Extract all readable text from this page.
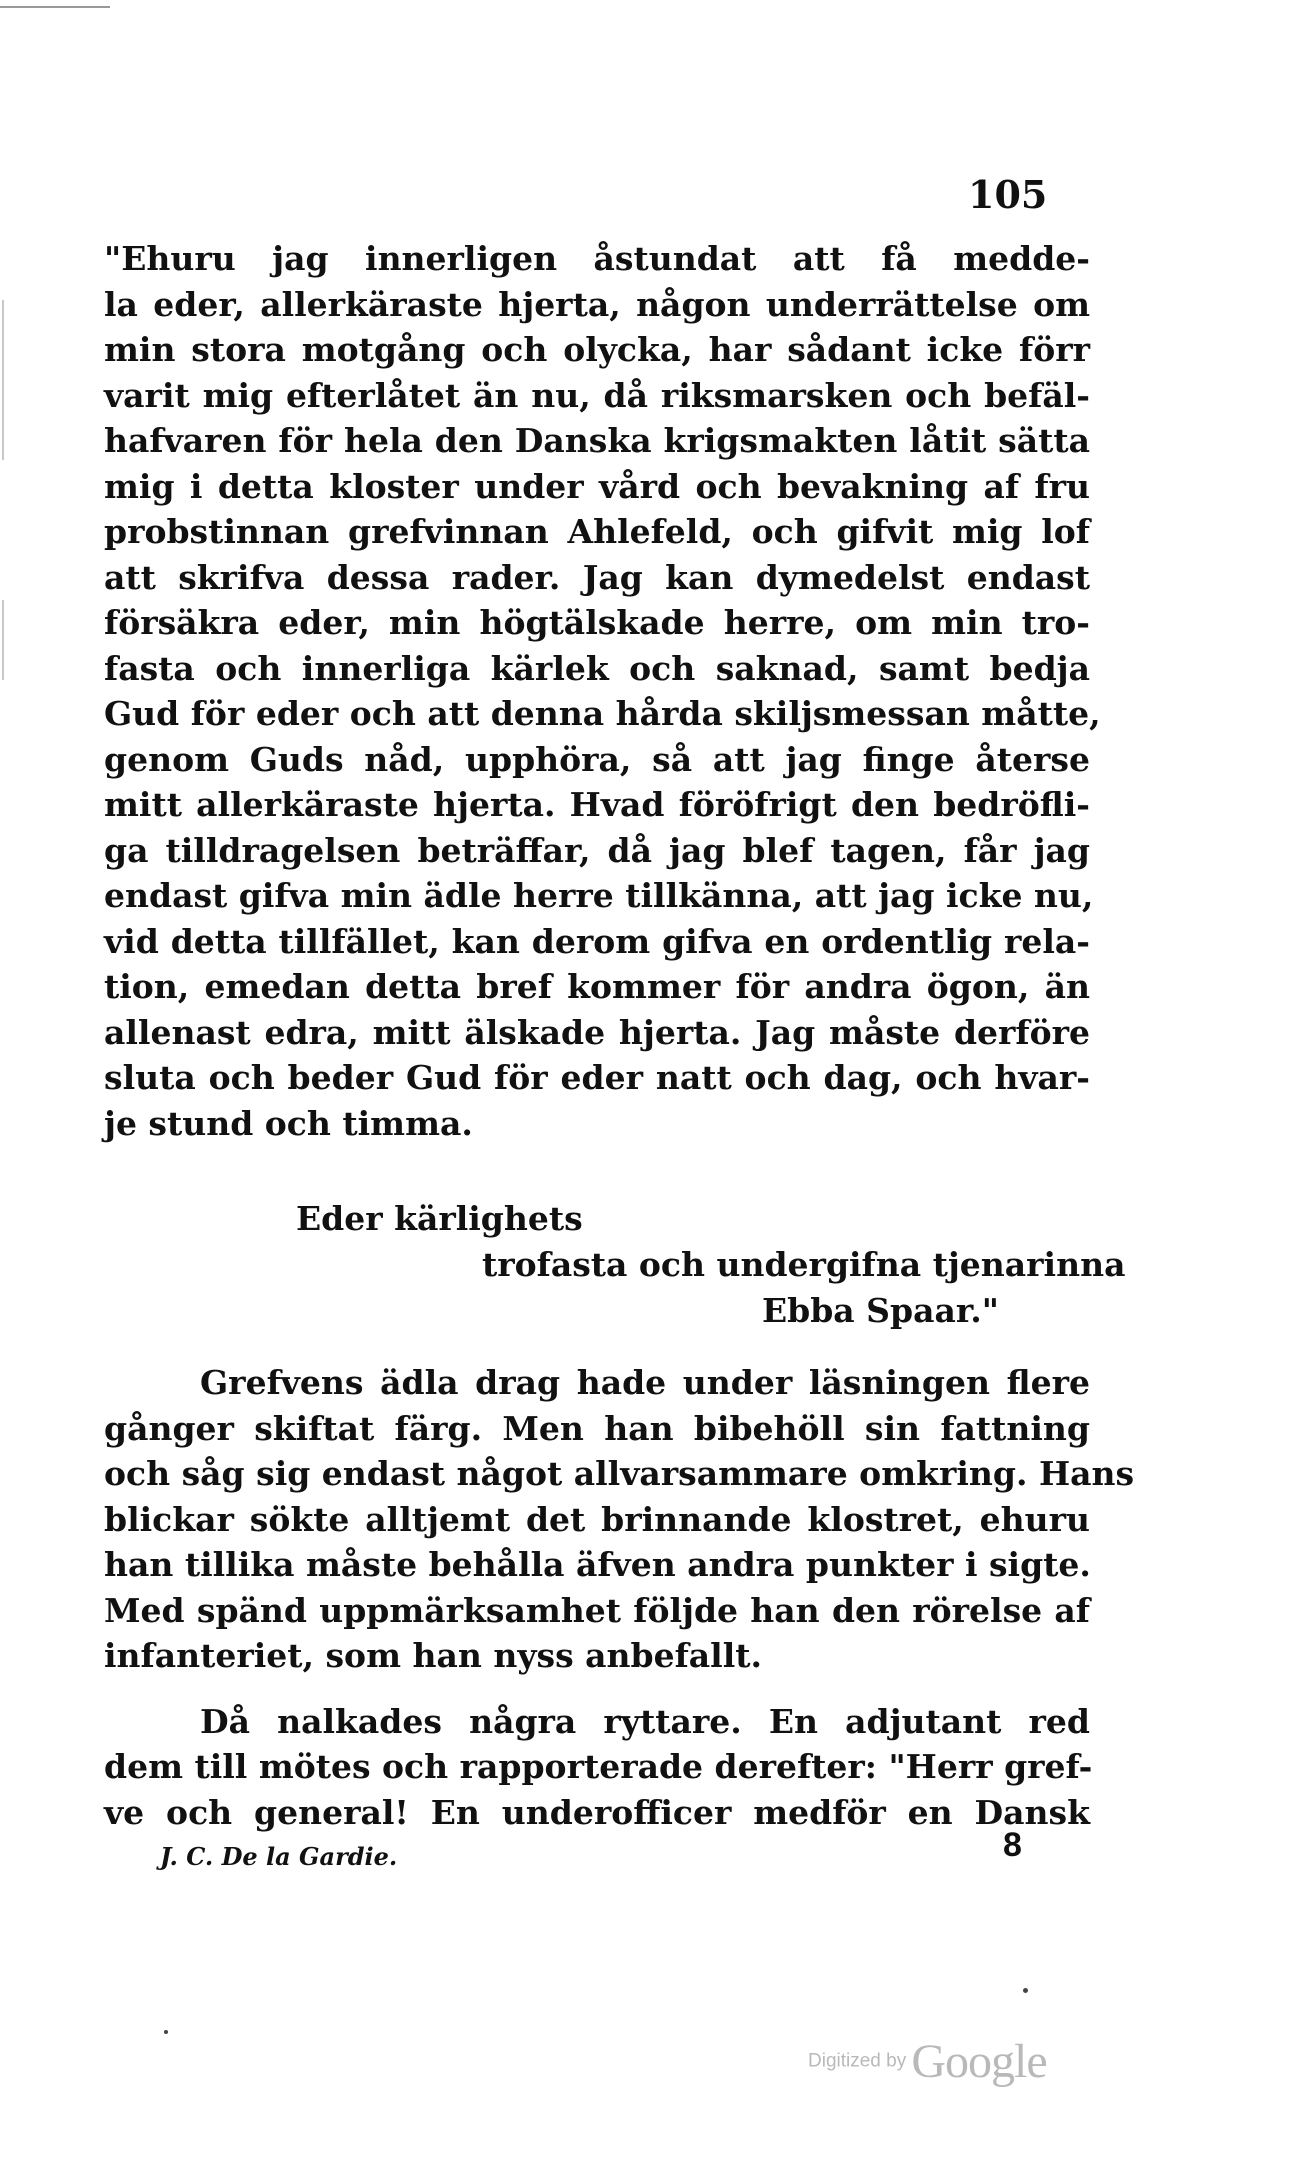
105
"Ehuru jag innerligen åstundat att få meddе-
la eder, allerkäraste hjerta, någon underrättelse om
min stora motgång och olycka, har sådant icke förr
varit mig efterlåtet än nu, då riksmarsken och befäl-
hafvaren för hela den Danska krigsmakten låtit sätta
mig i detta kloster under vård och bevakning af fru
probstinnan grefvinnan Ahlefeld, och gifvit mig lof
att skrifva dessa rader. Jag kan dymedelst endast
försäkra eder, min högtälskade herre, om min tro-
fasta och innerliga kärlek och saknad, samt bedja
Gud för eder och att denna hårda skiljsmessan måtte,
genom Guds nåd, upphöra, så att jag finge återse
mitt allerkäraste hjerta. Hvad föröfrigt den bedröfli-
ga tilldragelsen beträffar, då jag blef tagen, får jag
endast gifva min ädle herre tillkänna, att jag icke nu,
vid detta tillfället, kan derom gifva en ordentlig rela-
tion, emedan detta bref kommer för andra ögon, än
allenast edra, mitt älskade hjerta. Jag måste derföre
sluta och beder Gud för eder natt och dag, och hvar-
je stund och timma.
Eder kärlighets
trofasta och undergifna tjenarinna
Ebba Spaar."
Grefvens ädla drag hade under läsningen flere
gånger skiftat färg. Men han bibehöll sin fattning
och såg sig endast något allvarsammare omkring. Hans
blickar sökte alltjemt det brinnande klostret, ehuru
han tillika måste behålla äfven andra punkter i sigte.
Med spänd uppmärksamhet följde han den rörelse af
infanteriet, som han nyss anbefallt.
Då nalkades några ryttare. En adjutant red
dem till mötes och rapporterade derefter: "Herr gref-
ve och general! En underofficer medför en Dansk
J. C. De la Gardie.	8
Digitized by Google
